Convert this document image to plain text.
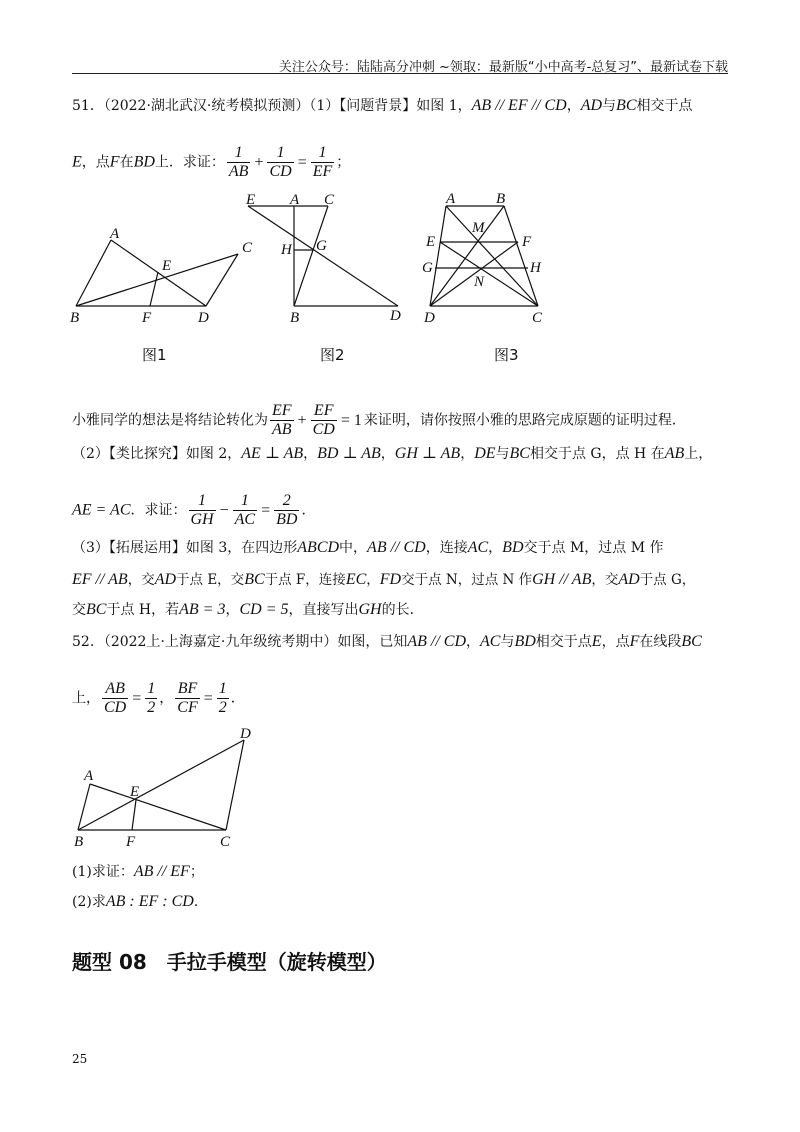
关注公众号：陆陆高分冲刺 ~领取：最新版“小中高考-总复习”、最新试卷下载
51．（2022·湖北武汉·统考模拟预测）（1）【问题背景】如图 1，AB // EF // CD，AD与BC相交于点
E，点F在BD上．求证： $\frac{1}{AB} + \frac{1}{CD} = \frac{1}{EF}$ ；
A
B
C
D
E
F
E A C
H G
B	D
A	B
M
E	F
G	H
N
D	C
图1	图2	图3
小雅同学的想法是将结论转化为 $\frac{EF}{AB} + \frac{EF}{CD} = 1$ 来证明，请你按照小雅的思路完成原题的证明过程．
（2）【类比探究】如图 2，AE ⊥ AB，BD ⊥ AB，GH ⊥ AB，DE与BC相交于点 G，点 H 在AB上，
AE = AC．求证： $\frac{1}{GH} - \frac{1}{AC} = \frac{2}{BD}$ ．
（3）【拓展运用】如图 3，在四边形ABCD中，AB // CD，连接AC，BD交于点 M，过点 M 作
EF // AB，交AD于点 E，交BC于点 F，连接EC，FD交于点 N，过点 N 作GH // AB，交AD于点 G，
交BC于点 H，若AB = 3，CD = 5，直接写出GH的长．
52．（2022上·上海嘉定·九年级统考期中）如图，已知AB // CD，AC与BD相交于点E，点F在线段BC
上， $\frac{AB}{CD} = \frac{1}{2}$ ， $\frac{BF}{CF} = \frac{1}{2}$ ．
A
B	C
D
E
F
(1)求证：AB // EF；
(2)求AB : EF : CD．
题型 08　手拉手模型（旋转模型）
25
